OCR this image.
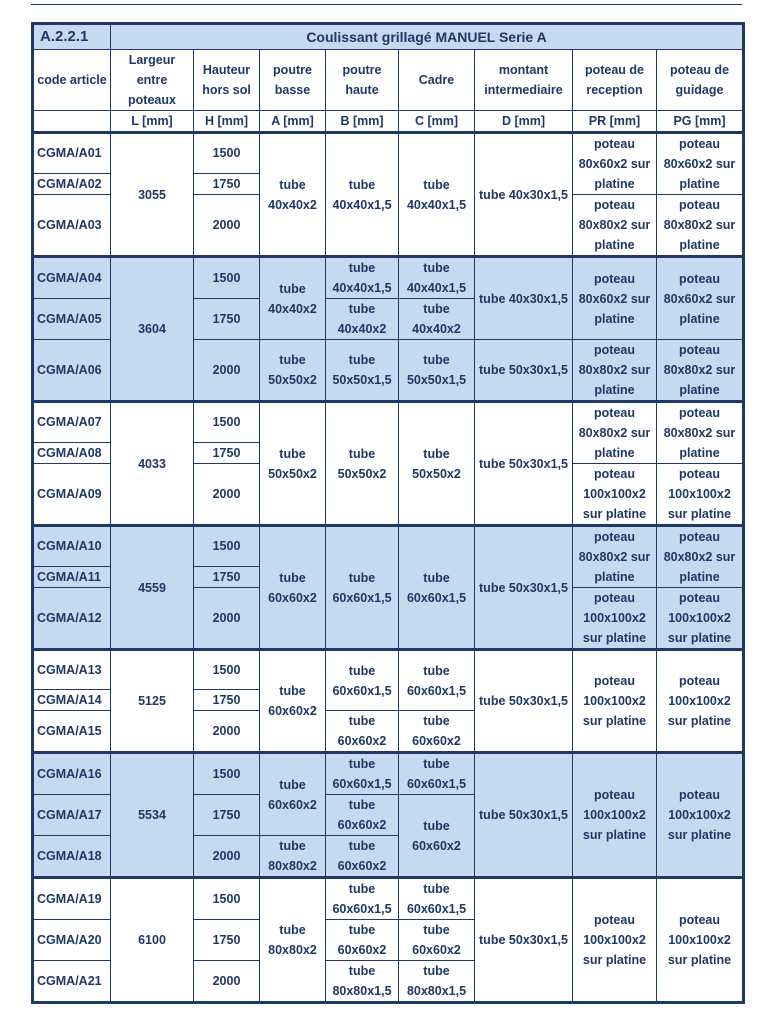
A.2.2.1	Coulissant grillagé MANUEL Serie A							
code article	Largeur entre poteaux	Hauteur hors sol	poutre basse	poutre haute	Cadre	montant intermediaire	poteau de reception	poteau de guidage
	L [mm]	H [mm]	A [mm]	B [mm]	C [mm]	D [mm]	PR [mm]	PG [mm]
CGMA/A01	3055	1500	tube 40x40x2	tube 40x40x1,5	tube 40x40x1,5	tube 40x30x1,5	poteau 80x60x2 sur platine	poteau 80x60x2 sur platine
CGMA/A02		1750						
CGMA/A03		2000					poteau 80x80x2 sur platine	poteau 80x80x2 sur platine
CGMA/A04	3604	1500	tube 40x40x2	tube 40x40x1,5	tube 40x40x1,5	tube 40x30x1,5	poteau 80x60x2 sur platine	poteau 80x60x2 sur platine
CGMA/A05		1750		tube 40x40x2	tube 40x40x2			
CGMA/A06		2000	tube 50x50x2	tube 50x50x1,5	tube 50x50x1,5	tube 50x30x1,5	poteau 80x80x2 sur platine	poteau 80x80x2 sur platine
CGMA/A07	4033	1500	tube 50x50x2	tube 50x50x2	tube 50x50x2	tube 50x30x1,5	poteau 80x80x2 sur platine	poteau 80x80x2 sur platine
CGMA/A08		1750						
CGMA/A09		2000					poteau 100x100x2 sur platine	poteau 100x100x2 sur platine
CGMA/A10	4559	1500	tube 60x60x2	tube 60x60x1,5	tube 60x60x1,5	tube 50x30x1,5	poteau 80x80x2 sur platine	poteau 80x80x2 sur platine
CGMA/A11		1750						
CGMA/A12		2000					poteau 100x100x2 sur platine	poteau 100x100x2 sur platine
CGMA/A13	5125	1500	tube 60x60x2	tube 60x60x1,5	tube 60x60x1,5	tube 50x30x1,5	poteau 100x100x2 sur platine	poteau 100x100x2 sur platine
CGMA/A14		1750						
CGMA/A15		2000		tube 60x60x2	tube 60x60x2			
CGMA/A16	5534	1500	tube 60x60x2	tube 60x60x1,5	tube 60x60x1,5	tube 50x30x1,5	poteau 100x100x2 sur platine	poteau 100x100x2 sur platine
CGMA/A17		1750		tube 60x60x2	tube 60x60x2			
CGMA/A18		2000	tube 80x80x2	tube 60x60x2				
CGMA/A19	6100	1500	tube 80x80x2	tube 60x60x1,5	tube 60x60x1,5	tube 50x30x1,5	poteau 100x100x2 sur platine	poteau 100x100x2 sur platine
CGMA/A20		1750		tube 60x60x2	tube 60x60x2			
CGMA/A21		2000		tube 80x80x1,5	tube 80x80x1,5			
